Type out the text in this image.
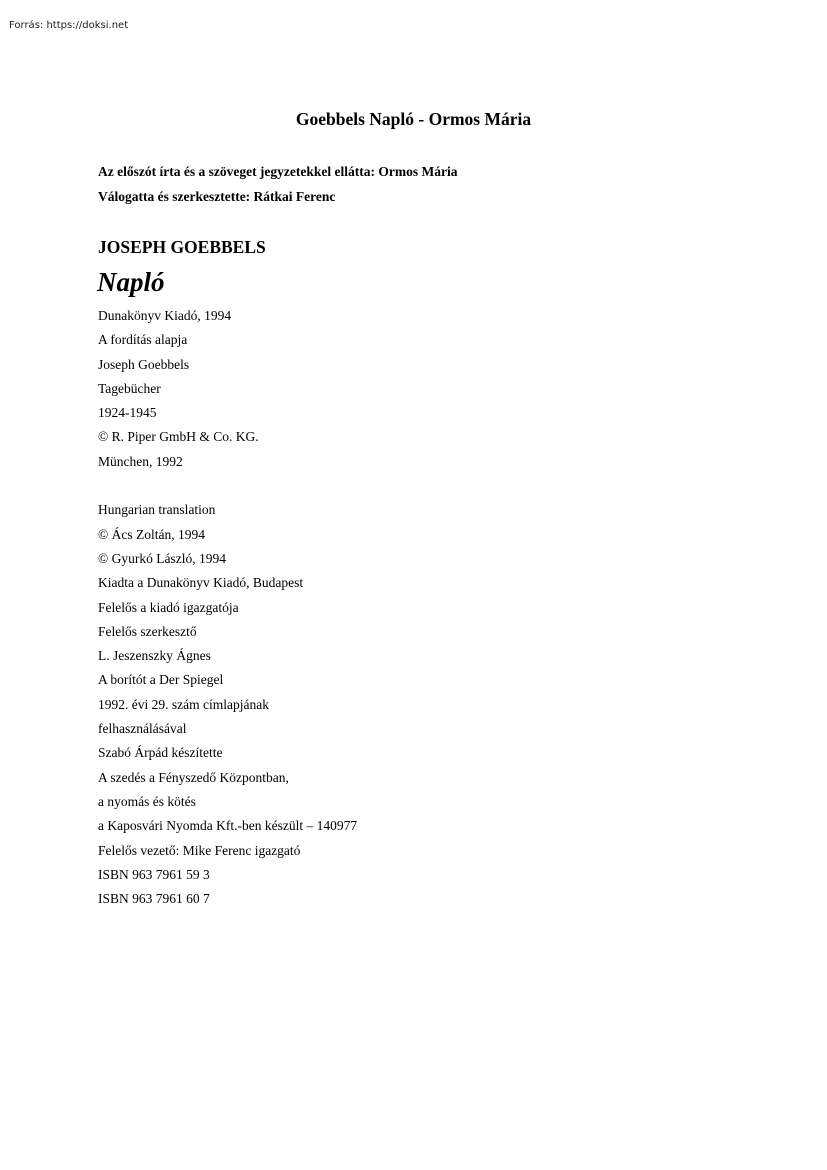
Forrás: https://doksi.net
Goebbels Napló - Ormos Mária
Az előszót írta és a szöveget jegyzetekkel ellátta: Ormos Mária
Válogatta és szerkesztette: Rátkai Ferenc
JOSEPH GOEBBELS
Napló
Dunakönyv Kiadó, 1994
A fordítás alapja
Joseph Goebbels
Tagebücher
1924-1945
© R. Piper GmbH & Co. KG.
München, 1992
Hungarian translation
© Ács Zoltán, 1994
© Gyurkó László, 1994
Kiadta a Dunakönyv Kiadó, Budapest
Felelős a kiadó igazgatója
Felelős szerkesztő
L. Jeszenszky Ágnes
A borítót a Der Spiegel
1992. évi 29. szám címlapjának
felhasználásával
Szabó Árpád készítette
A szedés a Fényszedő Központban,
a nyomás és kötés
a Kaposvári Nyomda Kft.-ben készült – 140977
Felelős vezető: Mike Ferenc igazgató
ISBN 963 7961 59 3
ISBN 963 7961 60 7
